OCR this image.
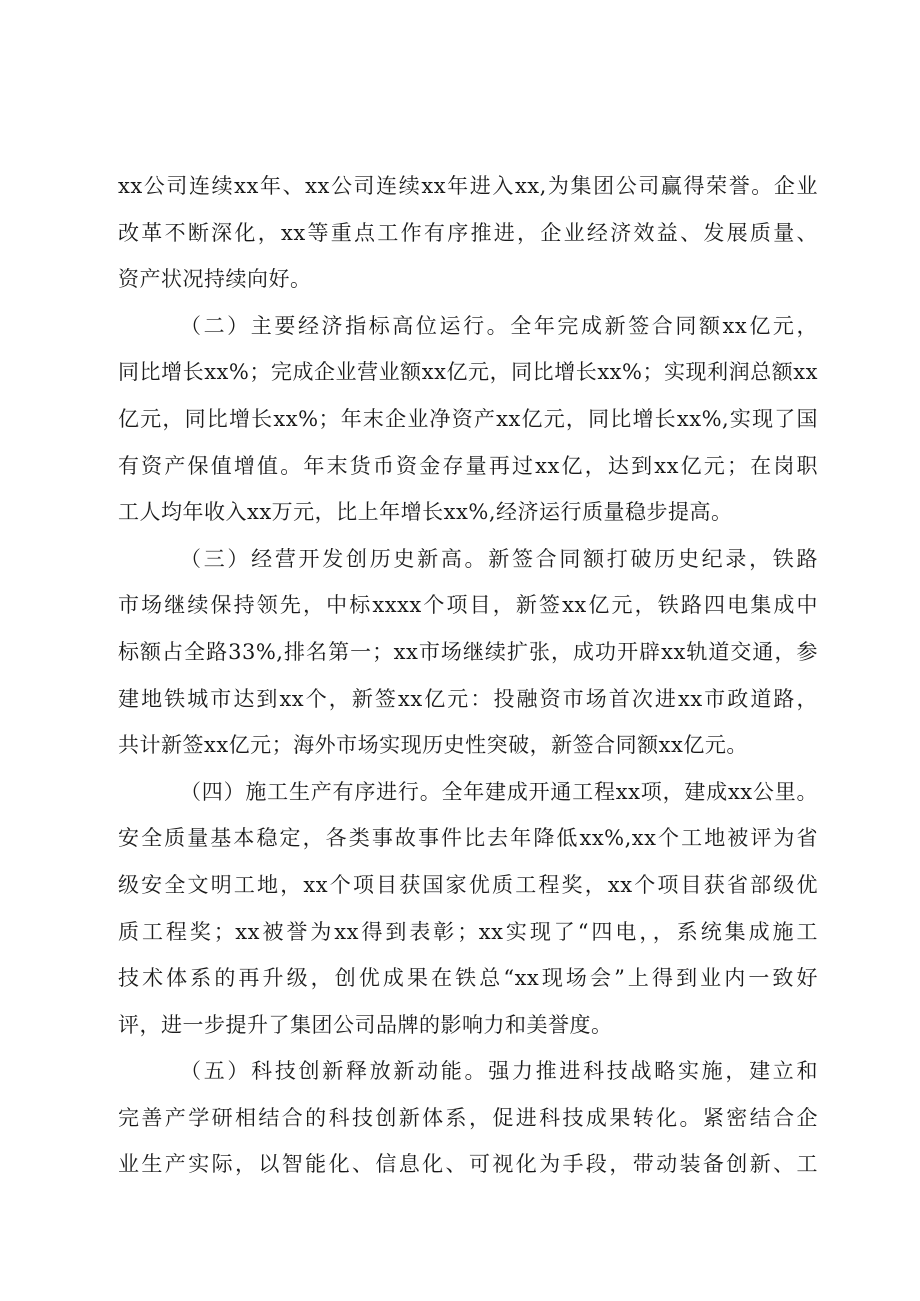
xx公司连续xx年、xx公司连续xx年进入xx,为集团公司赢得荣誉。企业
改革不断深化，xx等重点工作有序推进，企业经济效益、发展质量、
资产状况持续向好。
（二）主要经济指标高位运行。全年完成新签合同额xx亿元，
同比增长xx%；完成企业营业额xx亿元，同比增长xx%；实现利润总额xx
亿元，同比增长xx%；年末企业净资产xx亿元，同比增长xx%,实现了国
有资产保值增值。年末货币资金存量再过xx亿，达到xx亿元；在岗职
工人均年收入xx万元，比上年增长xx%,经济运行质量稳步提高。
（三）经营开发创历史新高。新签合同额打破历史纪录，铁路
市场继续保持领先，中标xxxx个项目，新签xx亿元，铁路四电集成中
标额占全路33%,排名第一；xx市场继续扩张，成功开辟xx轨道交通，参
建地铁城市达到xx个，新签xx亿元：投融资市场首次进xx市政道路，
共计新签xx亿元；海外市场实现历史性突破，新签合同额xx亿元。
（四）施工生产有序进行。全年建成开通工程xx项，建成xx公里。
安全质量基本稳定，各类事故事件比去年降低xx%,xx个工地被评为省
级安全文明工地，xx个项目获国家优质工程奖，xx个项目获省部级优
质工程奖；xx被誉为xx得到表彰；xx实现了“四电，，系统集成施工
技术体系的再升级，创优成果在铁总“xx现场会”上得到业内一致好
评，进一步提升了集团公司品牌的影响力和美誉度。
（五）科技创新释放新动能。强力推进科技战略实施，建立和
完善产学研相结合的科技创新体系，促进科技成果转化。紧密结合企
业生产实际，以智能化、信息化、可视化为手段，带动装备创新、工
